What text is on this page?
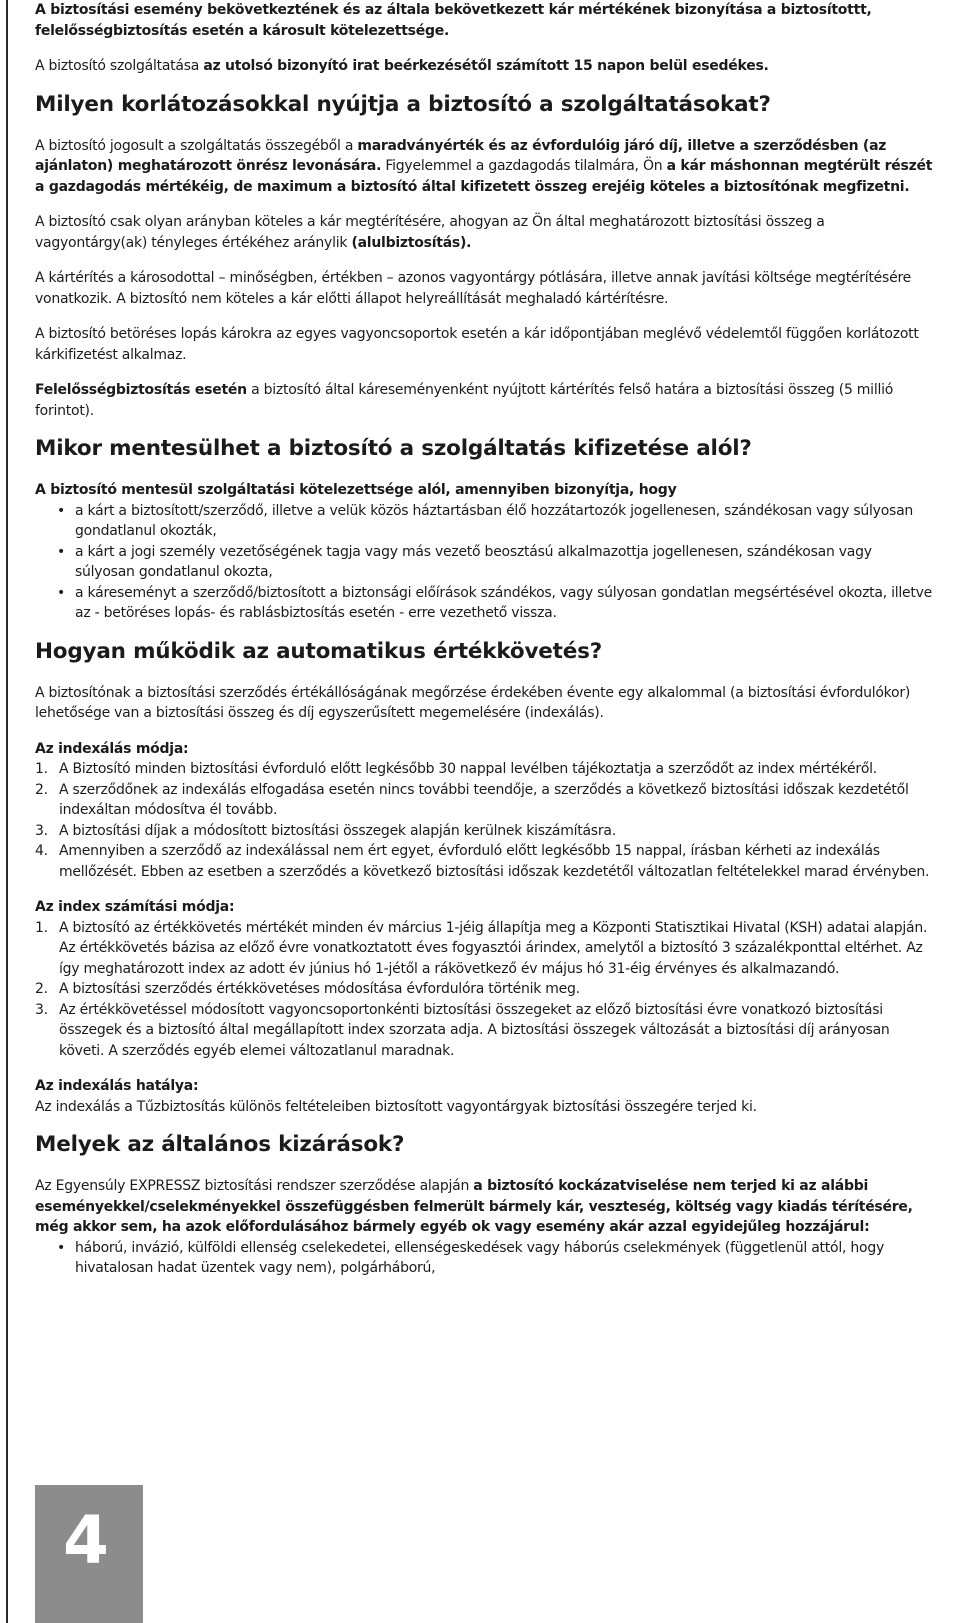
A biztosítási esemény bekövetkeztének és az általa bekövetkezett kár mértékének bizonyítása a biztosítottt, felelősségbiztosítás esetén a károsult kötelezettsége.

A biztosító szolgáltatása az utolsó bizonyító irat beérkezésétől számított 15 napon belül esedékes.

Milyen korlátozásokkal nyújtja a biztosító a szolgáltatásokat?

A biztosító jogosult a szolgáltatás összegéből a maradványérték és az évfordulóig járó díj, illetve a szerződésben (az ajánlaton) meghatározott önrész levonására. Figyelemmel a gazdagodás tilalmára, Ön a kár máshonnan megtérült részét a gazdagodás mértékéig, de maximum a biztosító által kifizetett összeg erejéig köteles a biztosítónak megfizetni.

A biztosító csak olyan arányban köteles a kár megtérítésére, ahogyan az Ön által meghatározott biztosítási összeg a vagyontárgy(ak) tényleges értékéhez aránylik (alulbiztosítás).

A kártérítés a károsodottal – minőségben, értékben – azonos vagyontárgy pótlására, illetve annak javítási költsége megtérítésére vonatkozik. A biztosító nem köteles a kár előtti állapot helyreállítását meghaladó kártérítésre.

A biztosító betöréses lopás károkra az egyes vagyoncsoportok esetén a kár időpontjában meglévő védelemtől függően korlátozott kárkifizetést alkalmaz.

Felelősségbiztosítás esetén a biztosító által káreseményenként nyújtott kártérítés felső határa a biztosítási összeg (5 millió forintot).

Mikor mentesülhet a biztosító a szolgáltatás kifizetése alól?

A biztosító mentesül szolgáltatási kötelezettsége alól, amennyiben bizonyítja, hogy

• a kárt a biztosított/szerződő, illetve a velük közös háztartásban élő hozzátartozók jogellenesen, szándékosan vagy súlyosan gondatlanul okozták,
• a kárt a jogi személy vezetőségének tagja vagy más vezető beosztású alkalmazottja jogellenesen, szándékosan vagy súlyosan gondatlanul okozta,
• a káreseményt a szerződő/biztosított a biztonsági előírások szándékos, vagy súlyosan gondatlan megsértésével okozta, illetve az - betöréses lopás- és rablásbiztosítás esetén - erre vezethető vissza.
Hogyan működik az automatikus értékkövetés?

A biztosítónak a biztosítási szerződés értékállóságának megőrzése érdekében évente egy alkalommal (a biztosítási évfordulókor) lehetősége van a biztosítási összeg és díj egyszerűsített megemelésére (indexálás).

Az indexálás módja:

1. A Biztosító minden biztosítási évforduló előtt legkésőbb 30 nappal levélben tájékoztatja a szerződőt az index mértékéről.
2. A szerződőnek az indexálás elfogadása esetén nincs további teendője, a szerződés a következő biztosítási időszak kezdetétől indexáltan módosítva él tovább.
3. A biztosítási díjak a módosított biztosítási összegek alapján kerülnek kiszámításra.
4. Amennyiben a szerződő az indexálással nem ért egyet, évforduló előtt legkésőbb 15 nappal, írásban kérheti az indexálás mellőzését. Ebben az esetben a szerződés a következő biztosítási időszak kezdetétől változatlan feltételekkel marad érvényben.

Az index számítási módja:

1. A biztosító az értékkövetés mértékét minden év március 1-jéig állapítja meg a Központi Statisztikai Hivatal (KSH) adatai alapján. Az értékkövetés bázisa az előző évre vonatkoztatott éves fogyasztói árindex, amelytől a biztosító 3 százalékponttal eltérhet. Az így meghatározott index az adott év június hó 1-jétől a rákövetkező év május hó 31-éig érvényes és alkalmazandó.
2. A biztosítási szerződés értékkövetéses módosítása évfordulóra történik meg.
3. Az értékkövetéssel módosított vagyoncsoportonkénti biztosítási összegeket az előző biztosítási évre vonatkozó biztosítási összegek és a biztosító által megállapított index szorzata adja. A biztosítási összegek változását a biztosítási díj arányosan követi. A szerződés egyéb elemei változatlanul maradnak.

Az indexálás hatálya:

Az indexálás a Tűzbiztosítás különös feltételeiben biztosított vagyontárgyak biztosítási összegére terjed ki.

Melyek az általános kizárások?

Az Egyensúly EXPRESSZ biztosítási rendszer szerződése alapján a biztosító kockázatviselése nem terjed ki az alábbi eseményekkel/cselekményekkel összefüggésben felmerült bármely kár, veszteség, költség vagy kiadás térítésére, még akkor sem, ha azok előfordulásához bármely egyéb ok vagy esemény akár azzal egyidejűleg hozzájárul:

• háború, invázió, külföldi ellenség cselekedetei, ellenségeskedések vagy háborús cselekmények (függetlenül attól, hogy hivatalosan hadat üzentek vagy nem), polgárháború,
4
